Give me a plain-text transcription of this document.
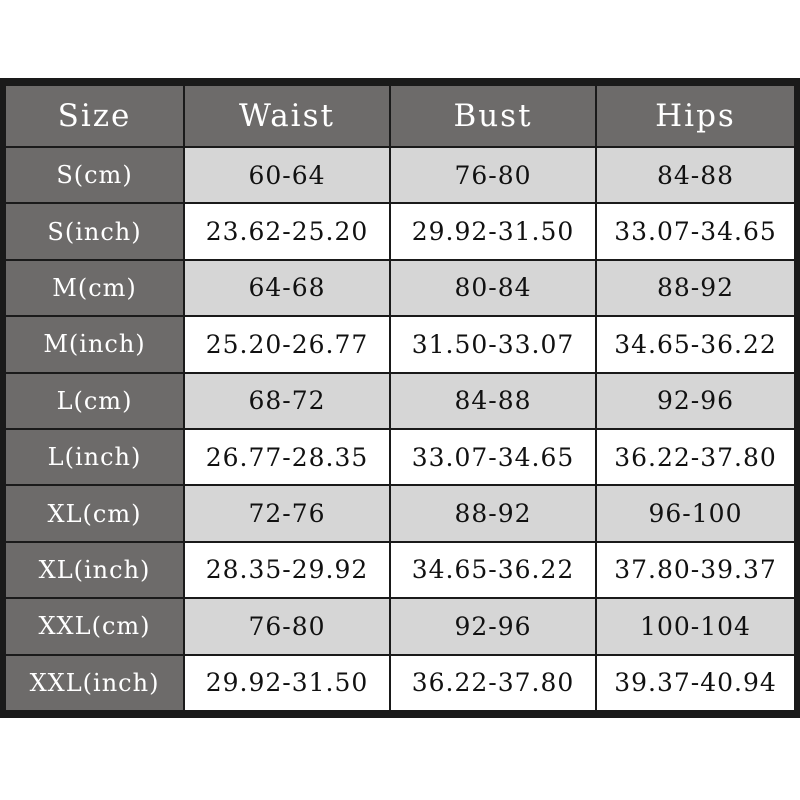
Size	Waist	Bust	Hips
S(cm)	60-64	76-80	84-88
S(inch)	23.62-25.20	29.92-31.50	33.07-34.65
M(cm)	64-68	80-84	88-92
M(inch)	25.20-26.77	31.50-33.07	34.65-36.22
L(cm)	68-72	84-88	92-96
L(inch)	26.77-28.35	33.07-34.65	36.22-37.80
XL(cm)	72-76	88-92	96-100
XL(inch)	28.35-29.92	34.65-36.22	37.80-39.37
XXL(cm)	76-80	92-96	100-104
XXL(inch)	29.92-31.50	36.22-37.80	39.37-40.94
